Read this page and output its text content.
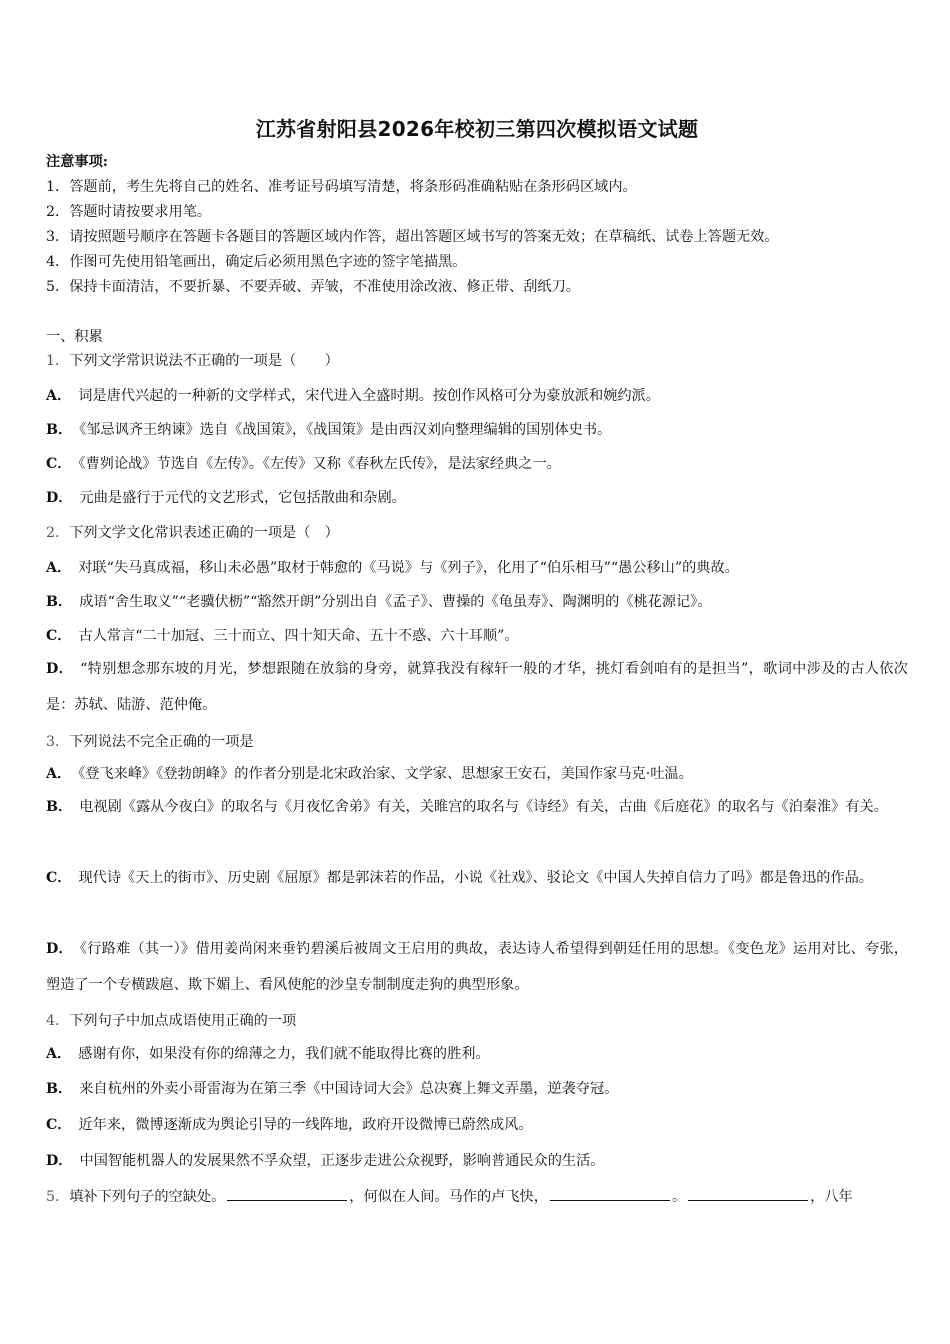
江苏省射阳县2026年校初三第四次模拟语文试题
注意事项:
1．答题前，考生先将自己的姓名、准考证号码填写清楚，将条形码准确粘贴在条形码区域内。
2．答题时请按要求用笔。
3．请按照题号顺序在答题卡各题目的答题区域内作答，超出答题区域书写的答案无效；在草稿纸、试卷上答题无效。
4．作图可先使用铅笔画出，确定后必须用黑色字迹的签字笔描黑。
5．保持卡面清洁，不要折暴、不要弄破、弄皱，不准使用涂改液、修正带、刮纸刀。
一、积累
1．下列文学常识说法不正确的一项是（　　）
A． 词是唐代兴起的一种新的文学样式，宋代进入全盛时期。按创作风格可分为豪放派和婉约派。
B． 《邹忌讽齐王纳谏》选自《战国策》，《战国策》是由西汉刘向整理编辑的国别体史书。
C． 《曹刿论战》节选自《左传》。《左传》又称《春秋左氏传》，是法家经典之一。
D． 元曲是盛行于元代的文艺形式，它包括散曲和杂剧。
2．下列文学文化常识表述正确的一项是（　）
A． 对联“失马真成福，移山未必愚”取材于韩愈的《马说》与《列子》，化用了“伯乐相马”“愚公移山”的典故。
B． 成语“舍生取义”“老骥伏枥”“豁然开朗”分别出自《孟子》、曹操的《龟虽寿》、陶渊明的《桃花源记》。
C． 古人常言“二十加冠、三十而立、四十知天命、五十不惑、六十耳顺”。
D． “特别想念那东坡的月光，梦想跟随在放翁的身旁，就算我没有稼轩一般的才华，挑灯看剑咱有的是担当”，歌词中涉及的古人依次是：苏轼、陆游、范仲俺。
3．下列说法不完全正确的一项是
A． 《登飞来峰》《登勃朗峰》的作者分别是北宋政治家、文学家、思想家王安石，美国作家马克·吐温。
B． 电视剧《露从今夜白》的取名与《月夜忆舍弟》有关，关睢宫的取名与《诗经》有关，古曲《后庭花》的取名与《泊秦淮》有关。
C． 现代诗《天上的街市》、历史剧《屈原》都是郭沫若的作品，小说《社戏》、驳论文《中国人失掉自信力了吗》都是鲁迅的作品。
D． 《行路难（其一）》借用姜尚闲来垂钓碧溪后被周文王启用的典故，表达诗人希望得到朝廷任用的思想。《变色龙》运用对比、夸张，塑造了一个专横跋扈、欺下媚上、看风使舵的沙皇专制制度走狗的典型形象。
4．下列句子中加点成语使用正确的一项
A． 感谢有你，如果没有你的绵薄之力，我们就不能取得比赛的胜利。
B． 来自杭州的外卖小哥雷海为在第三季《中国诗词大会》总决赛上舞文弄墨，逆袭夺冠。
C． 近年来，微博逐渐成为舆论引导的一线阵地，政府开设微博已蔚然成风。
D． 中国智能机器人的发展果然不孚众望，正逐步走进公众视野，影响普通民众的生活。
5．填补下列句子的空缺处。	，何似在人间。马作的卢飞快，	。	，八年
